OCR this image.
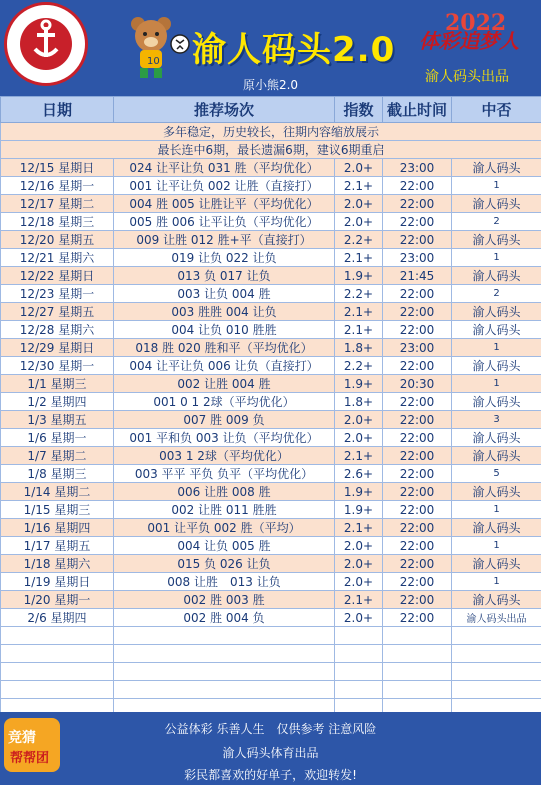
10 渝人码头2.0
2022
体彩追梦人
渝人码头出品
原小熊2.0
日期	推荐场次	指数	截止时间	中否
多年稳定，历史较长，往期内容缩放展示				
最长连中6期，最长遗漏6期，建议6期重启				
12/15 星期日	024 让平让负 031 胜（平均优化）	2.0+	23:00	渝人码头
12/16 星期一	001 让平让负 002 让胜（直接打）	2.1+	22:00	1
12/17 星期二	004 胜 005 让胜让平（平均优化）	2.0+	22:00	渝人码头
12/18 星期三	005 胜 006 让平让负（平均优化）	2.0+	22:00	2
12/20 星期五	009 让胜 012 胜+平（直接打）	2.2+	22:00	渝人码头
12/21 星期六	019 让负 022 让负	2.1+	23:00	1
12/22 星期日	013 负 017 让负	1.9+	21:45	渝人码头
12/23 星期一	003 让负 004 胜	2.2+	22:00	2
12/27 星期五	003 胜胜 004 让负	2.1+	22:00	渝人码头
12/28 星期六	004 让负 010 胜胜	2.1+	22:00	渝人码头
12/29 星期日	018 胜 020 胜和平（平均优化）	1.8+	23:00	1
12/30 星期一	004 让平让负 006 让负（直接打）	2.2+	22:00	渝人码头
1/1 星期三	002 让胜 004 胜	1.9+	20:30	1
1/2 星期四	001 0 1 2球（平均优化）	1.8+	22:00	渝人码头
1/3 星期五	007 胜 009 负	2.0+	22:00	3
1/6 星期一	001 平和负 003 让负（平均优化）	2.0+	22:00	渝人码头
1/7 星期二	003 1 2球（平均优化）	2.1+	22:00	渝人码头
1/8 星期三	003 平平 平负 负平（平均优化）	2.6+	22:00	5
1/14 星期二	006 让胜 008 胜	1.9+	22:00	渝人码头
1/15 星期三	002 让胜 011 胜胜	1.9+	22:00	1
1/16 星期四	001 让平负 002 胜（平均）	2.1+	22:00	渝人码头
1/17 星期五	004 让负 005 胜	2.0+	22:00	1
1/18 星期六	015 负 026 让负	2.0+	22:00	渝人码头
1/19 星期日	008 让胜　013 让负	2.0+	22:00	1
1/20 星期一	002 胜 003 胜	2.1+	22:00	渝人码头
2/6 星期四	002 胜 004 负	2.0+	22:00	渝人码头出品

竞猜
帮帮团
公益体彩 乐善人生　仅供参考 注意风险
渝人码头体育出品
彩民都喜欢的好单子，欢迎转发!
